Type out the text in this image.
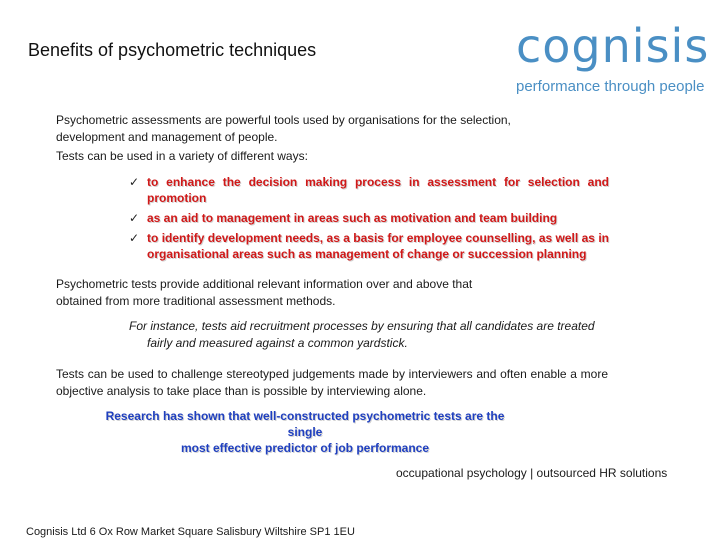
Benefits of psychometric techniques	cognisis
performance through people

Psychometric assessments are powerful tools used by organisations for the selection, development and management of people.

Tests can be used in a variety of different ways:

✓ to enhance the decision making process in assessment for selection and promotion
✓ as an aid to management in areas such as motivation and team building
✓ to identify development needs, as a basis for employee counselling, as well as in organisational areas such as management of change or succession planning

Psychometric tests provide additional relevant information over and above that obtained from more traditional assessment methods.

For instance, tests aid recruitment processes by ensuring that all candidates are treated
fairly and measured against a common yardstick.

Tests can be used to challenge stereotyped judgements made by interviewers and often enable a more objective analysis to take place than is possible by interviewing alone.

Research has shown that well-constructed psychometric tests are the single
most effective predictor of job performance
occupational psychology | outsourced HR solutions
Cognisis Ltd 6 Ox Row Market Square Salisbury Wiltshire SP1 1EU
